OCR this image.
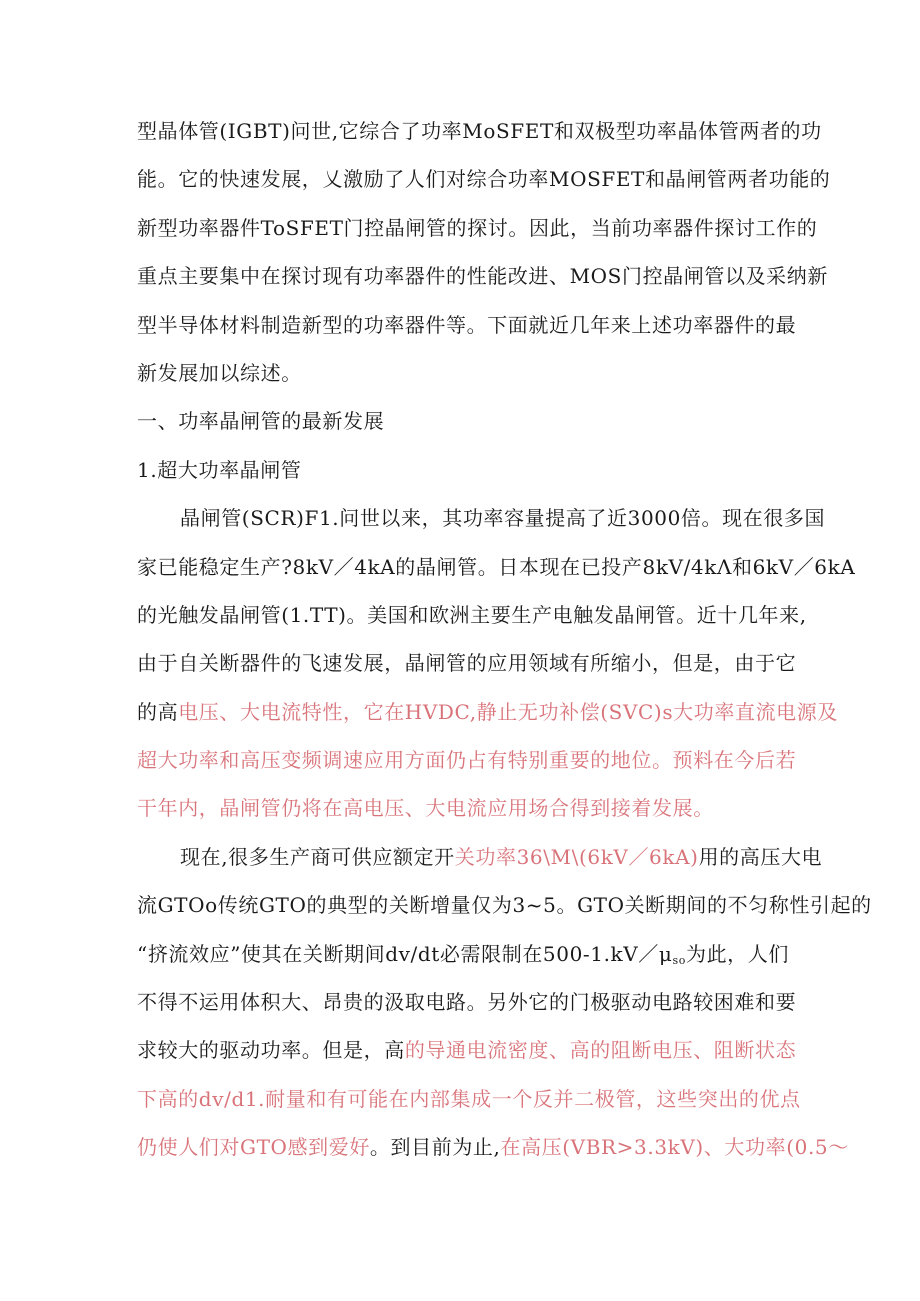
型晶体管(IGBT)问世,它综合了功率MoSFET和双极型功率晶体管两者的功
能。它的快速发展，乂激励了人们对综合功率MOSFET和晶闸管两者功能的
新型功率器件ToSFET门控晶闸管的探讨。因此，当前功率器件探讨工作的
重点主要集中在探讨现有功率器件的性能改进、MOS门控晶闸管以及采纳新
型半导体材料制造新型的功率器件等。下面就近几年来上述功率器件的最
新发展加以综述。
一、功率晶闸管的最新发展
1.超大功率晶闸管
晶闸管(SCR)F1.问世以来，其功率容量提高了近3000倍。现在很多国
家已能稳定生产?8kV／4kA的晶闸管。日本现在已投产8kV/4kΛ和6kV／6kA
的光触发晶闸管(1.TT)。美国和欧洲主要生产电触发晶闸管。近十几年来,
由于自关断器件的飞速发展，晶闸管的应用领域有所缩小，但是，由于它
的高电压、大电流特性，它在HVDC,静止无功补偿(SVC)s大功率直流电源及
超大功率和高压变频调速应用方面仍占有特别重要的地位。预料在今后若
干年内，晶闸管仍将在高电压、大电流应用场合得到接着发展。
现在,很多生产商可供应额定开关功率36\M\(6kV／6kA)用的高压大电
流GTOo传统GTO的典型的关断增量仅为3~5。GTO关断期间的不匀称性引起的
“挤流效应”使其在关断期间dv/dt必需限制在$500-1.kV/\mu_{so}$为此，人们
不得不运用体积大、昂贵的汲取电路。另外它的门极驱动电路较困难和要
求较大的驱动功率。但是，高的导通电流密度、高的阻断电压、阻断状态
下高的dv/d1.耐量和有可能在内部集成一个反并二极管，这些突出的优点
仍使人们对GTO感到爱好。到目前为止,在高压(VBR>3.3kV)、大功率(0.5～
